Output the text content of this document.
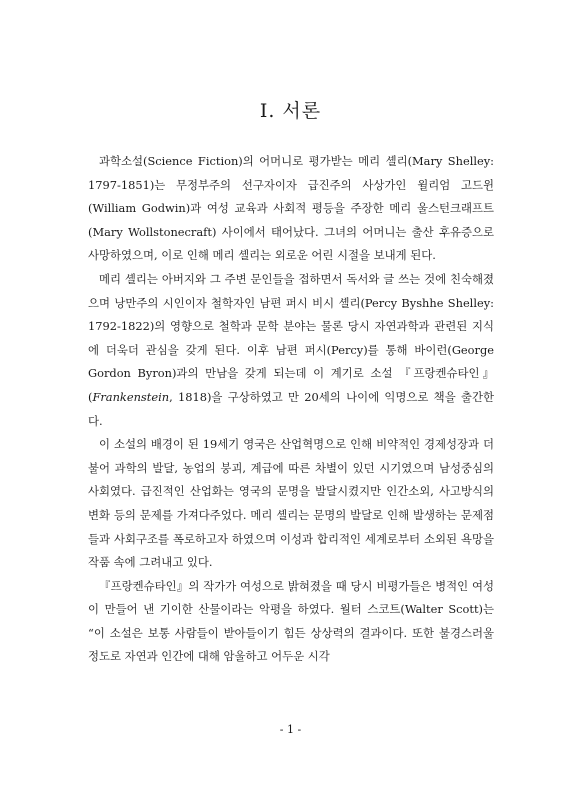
I. 서론

과학소설(Science Fiction)의 어머니로 평가받는 메리 셸리(Mary Shelley: 1797-1851)는 무정부주의 선구자이자 급진주의 사상가인 윌리엄 고드윈(William Godwin)과 여성 교육과 사회적 평등을 주장한 메리 울스턴크래프트(Mary Wollstonecraft) 사이에서 태어났다. 그녀의 어머니는 출산 후유증으로 사망하였으며, 이로 인해 메리 셸리는 외로운 어린 시절을 보내게 된다.

메리 셸리는 아버지와 그 주변 문인들을 접하면서 독서와 글 쓰는 것에 친숙해졌으며 낭만주의 시인이자 철학자인 남편 퍼시 비시 셸리(Percy Byshhe Shelley: 1792-1822)의 영향으로 철학과 문학 분야는 물론 당시 자연과학과 관련된 지식에 더욱더 관심을 갖게 된다. 이후 남편 퍼시(Percy)를 통해 바이런(George Gordon Byron)과의 만남을 갖게 되는데 이 계기로 소설 『프랑켄슈타인』(Frankenstein, 1818)을 구상하였고 만 20세의 나이에 익명으로 책을 출간한다.

이 소설의 배경이 된 19세기 영국은 산업혁명으로 인해 비약적인 경제성장과 더불어 과학의 발달, 농업의 붕괴, 계급에 따른 차별이 있던 시기였으며 남성중심의 사회였다. 급진적인 산업화는 영국의 문명을 발달시켰지만 인간소외, 사고방식의 변화 등의 문제를 가져다주었다. 메리 셸리는 문명의 발달로 인해 발생하는 문제점들과 사회구조를 폭로하고자 하였으며 이성과 합리적인 세계로부터 소외된 욕망을 작품 속에 그려내고 있다.

『프랑켄슈타인』의 작가가 여성으로 밝혀졌을 때 당시 비평가들은 병적인 여성이 만들어 낸 기이한 산물이라는 악평을 하였다. 월터 스코트(Walter Scott)는 “이 소설은 보통 사람들이 받아들이기 힘든 상상력의 결과이다. 또한 불경스러울 정도로 자연과 인간에 대해 암울하고 어두운 시각

- 1 -
